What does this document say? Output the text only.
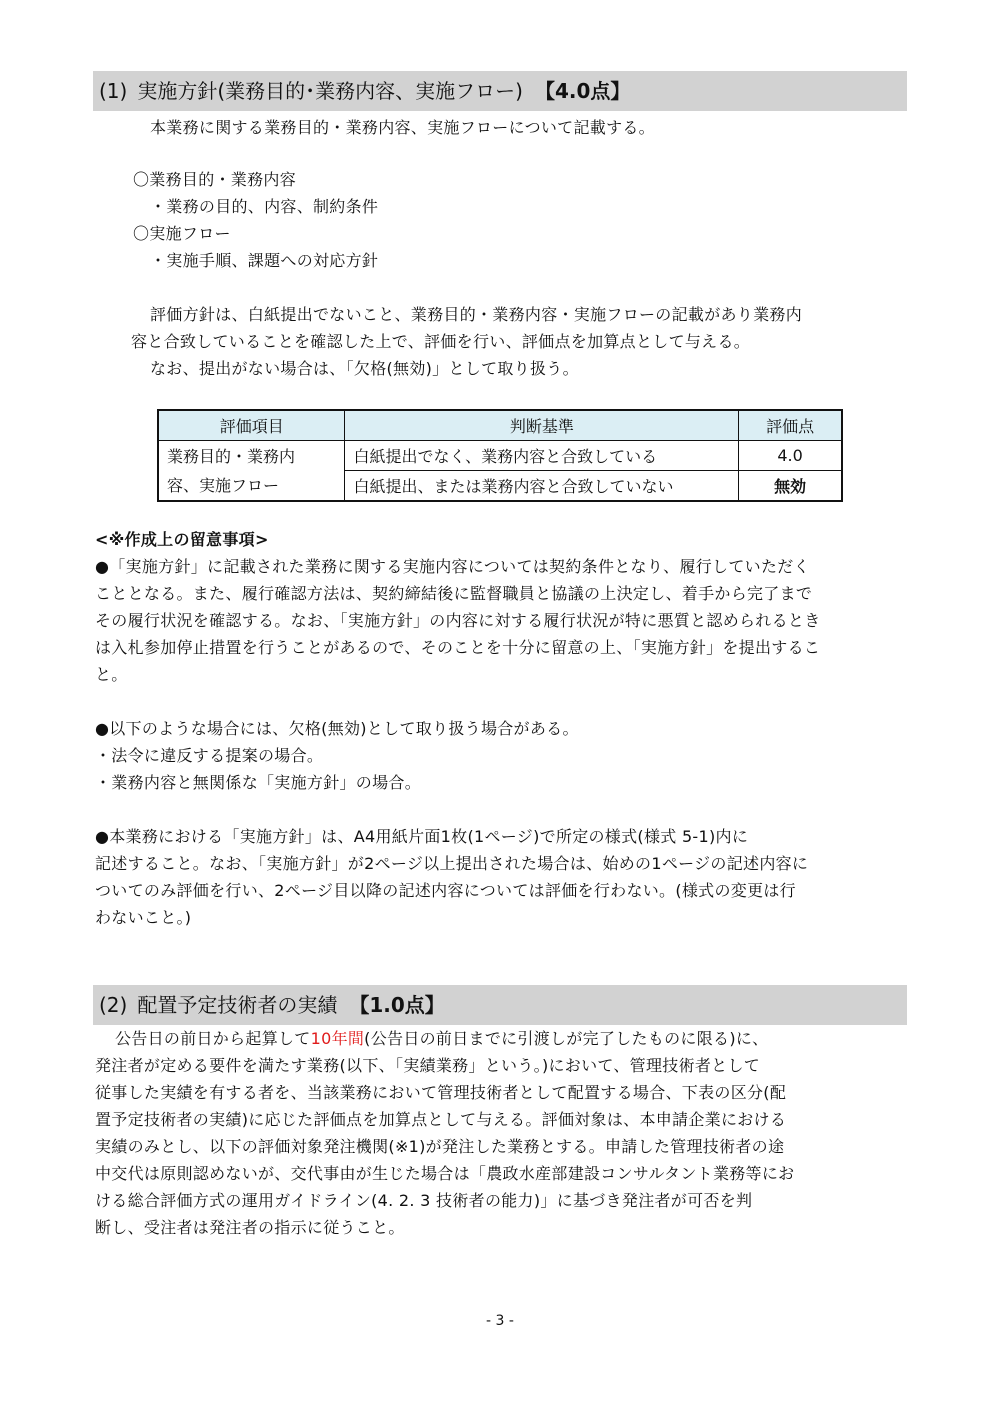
(1) 実施方針(業務目的･業務内容、実施フロー) 【4.0点】
本業務に関する業務目的・業務内容、実施フローについて記載する。
〇業務目的・業務内容
・業務の目的、内容、制約条件
〇実施フロー
・実施手順、課題への対応方針
評価方針は、白紙提出でないこと、業務目的・業務内容・実施フローの記載があり業務内
容と合致していることを確認した上で、評価を行い、評価点を加算点として与える。
なお、提出がない場合は、「欠格(無効)」として取り扱う。
評価項目	判断基準	評価点

業務目的・業務内
容、実施フロー	白紙提出でなく、業務内容と合致している	4.0
	白紙提出、または業務内容と合致していない	無効
<※作成上の留意事項>
●「実施方針」に記載された業務に関する実施内容については契約条件となり、履行していただく
こととなる。また、履行確認方法は、契約締結後に監督職員と協議の上決定し、着手から完了まで
その履行状況を確認する。なお、「実施方針」の内容に対する履行状況が特に悪質と認められるとき
は入札参加停止措置を行うことがあるので、そのことを十分に留意の上、「実施方針」を提出するこ
と。
●以下のような場合には、欠格(無効)として取り扱う場合がある。
・法令に違反する提案の場合。
・業務内容と無関係な「実施方針」の場合。
●本業務における「実施方針」は、A4用紙片面1枚(1ページ)で所定の様式(様式 5-1)内に
記述すること。なお、「実施方針」が2ページ以上提出された場合は、始めの1ページの記述内容に
ついてのみ評価を行い、2ページ目以降の記述内容については評価を行わない。(様式の変更は行
わないこと。)
(2) 配置予定技術者の実績 【1.0点】
公告日の前日から起算して10年間(公告日の前日までに引渡しが完了したものに限る)に、
発注者が定める要件を満たす業務(以下、「実績業務」という。)において、管理技術者として
従事した実績を有する者を、当該業務において管理技術者として配置する場合、下表の区分(配
置予定技術者の実績)に応じた評価点を加算点として与える。評価対象は、本申請企業における
実績のみとし、以下の評価対象発注機関(※1)が発注した業務とする。申請した管理技術者の途
中交代は原則認めないが、交代事由が生じた場合は「農政水産部建設コンサルタント業務等にお
ける総合評価方式の運用ガイドライン(4. 2. 3 技術者の能力)」に基づき発注者が可否を判
断し、受注者は発注者の指示に従うこと。
- 3 -
